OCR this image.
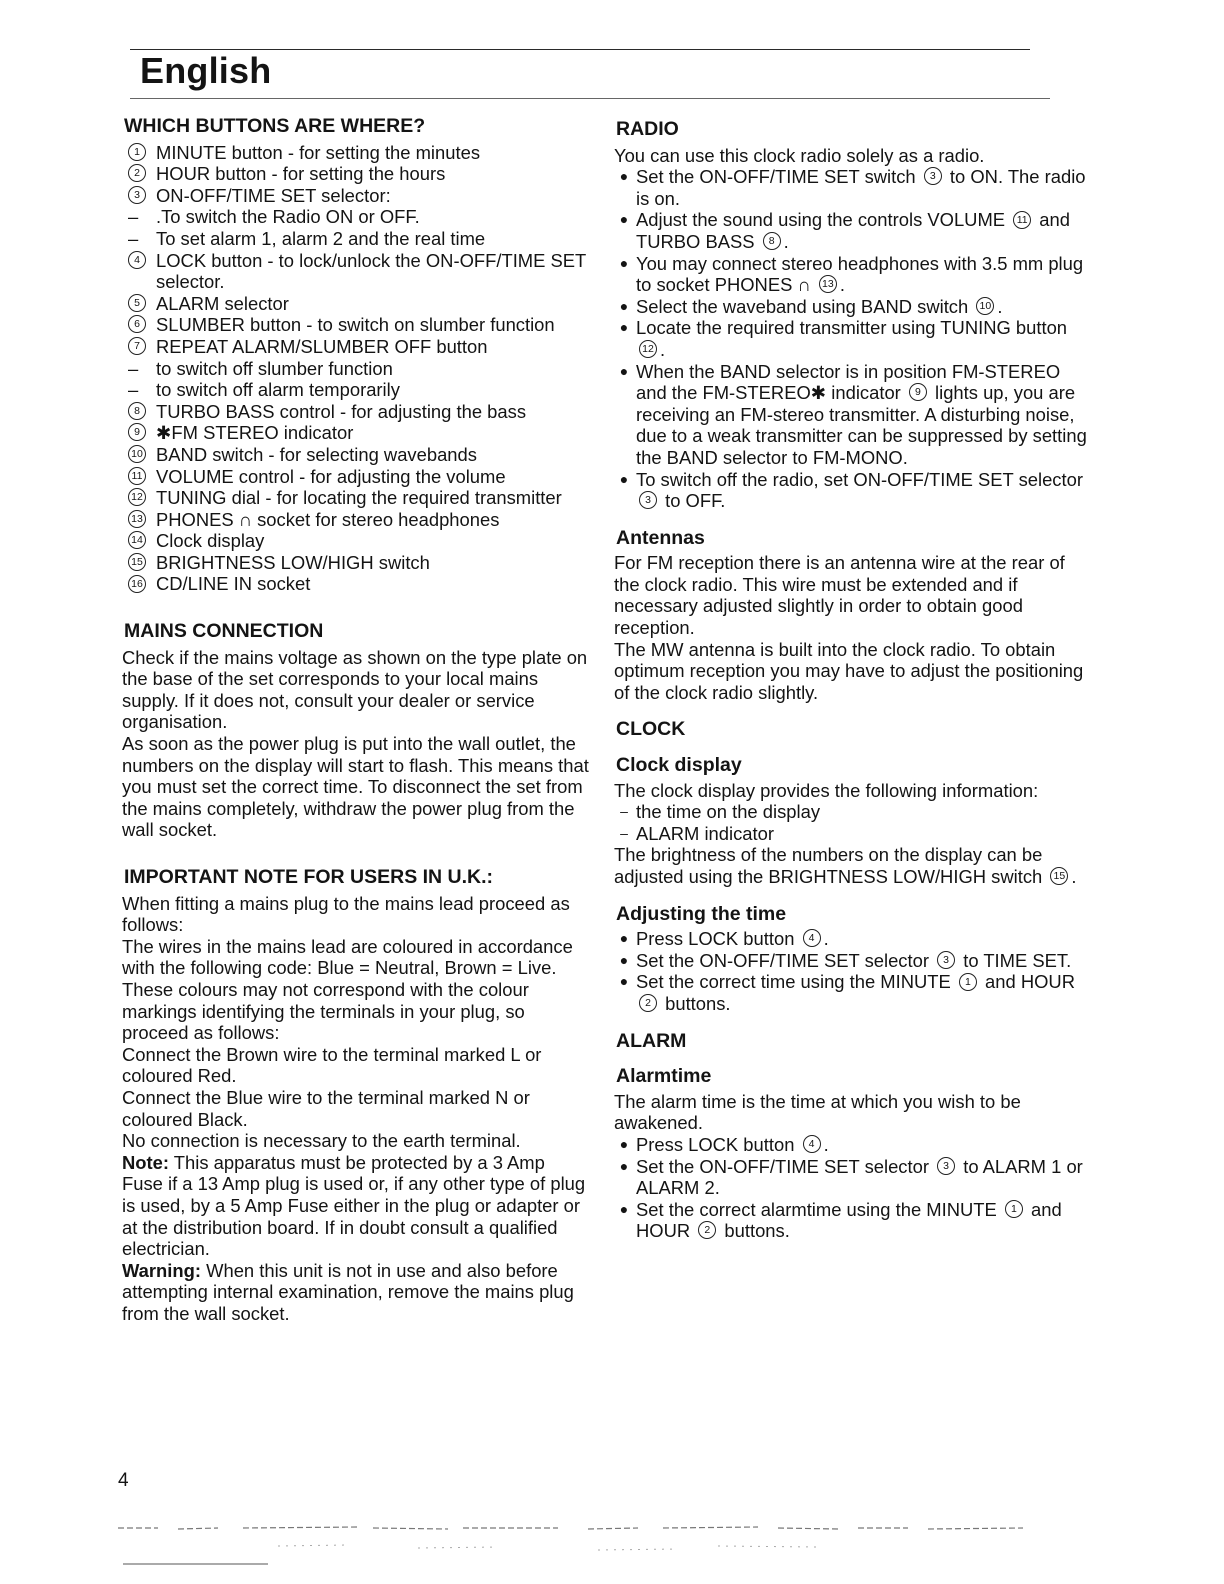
English
WHICH BUTTONS ARE WHERE?
1 MINUTE button - for setting the minutes
2 HOUR button - for setting the hours
3 ON-OFF/TIME SET selector:
– .To switch the Radio ON or OFF.
– To set alarm 1, alarm 2 and the real time
4 LOCK button - to lock/unlock the ON-OFF/TIME SET selector.
5 ALARM selector
6 SLUMBER button - to switch on slumber function
7 REPEAT ALARM/SLUMBER OFF button
– to switch off slumber function
– to switch off alarm temporarily
8 TURBO BASS control - for adjusting the bass
9 ✱FM STEREO indicator
10 BAND switch - for selecting wavebands
11 VOLUME control - for adjusting the volume
12 TUNING dial - for locating the required transmitter
13 PHONES ∩ socket for stereo headphones
14 Clock display
15 BRIGHTNESS LOW/HIGH switch
16 CD/LINE IN socket
MAINS CONNECTION

Check if the mains voltage as shown on the type plate on the base of the set corresponds to your local mains supply. If it does not, consult your dealer or service organisation.

As soon as the power plug is put into the wall outlet, the numbers on the display will start to flash. This means that you must set the correct time. To disconnect the set from the mains completely, withdraw the power plug from the wall socket.

IMPORTANT NOTE FOR USERS IN U.K.:

When fitting a mains plug to the mains lead proceed as follows:

The wires in the mains lead are coloured in accordance with the following code: Blue = Neutral, Brown = Live. These colours may not correspond with the colour markings identifying the terminals in your plug, so proceed as follows:

Connect the Brown wire to the terminal marked L or coloured Red.

Connect the Blue wire to the terminal marked N or coloured Black.

No connection is necessary to the earth terminal.

Note: This apparatus must be protected by a 3 Amp Fuse if a 13 Amp plug is used or, if any other type of plug is used, by a 5 Amp Fuse either in the plug or adapter or at the distribution board. If in doubt consult a qualified electrician.

Warning: When this unit is not in use and also before attempting internal examination, remove the mains plug from the wall socket.

RADIO

You can use this clock radio solely as a radio.

● Set the ON-OFF/TIME SET switch 3 to ON. The radio is on.
● Adjust the sound using the controls VOLUME 11 and TURBO BASS 8 .
● You may connect stereo headphones with 3.5 mm plug to socket PHONES ∩ 13 .
● Select the waveband using BAND switch 10 .
● Locate the required transmitter using TUNING button 12 .
● When the BAND selector is in position FM-STEREO and the FM-STEREO✱ indicator 9 lights up, you are receiving an FM-stereo transmitter. A disturbing noise, due to a weak transmitter can be suppressed by setting the BAND selector to FM-MONO.
● To switch off the radio, set ON-OFF/TIME SET selector 3 to OFF.
Antennas

For FM reception there is an antenna wire at the rear of the clock radio. This wire must be extended and if necessary adjusted slightly in order to obtain good reception.

The MW antenna is built into the clock radio. To obtain optimum reception you may have to adjust the positioning of the clock radio slightly.

CLOCK
Clock display

The clock display provides the following information:

– the time on the display
– ALARM indicator

The brightness of the numbers on the display can be adjusted using the BRIGHTNESS LOW/HIGH switch 15 .

Adjusting the time
● Press LOCK button 4 .
● Set the ON-OFF/TIME SET selector 3 to TIME SET.
● Set the correct time using the MINUTE 1 and HOUR 2 buttons.
ALARM
Alarmtime

The alarm time is the time at which you wish to be awakened.

● Press LOCK button 4 .
● Set the ON-OFF/TIME SET selector 3 to ALARM 1 or ALARM 2.
● Set the correct alarmtime using the MINUTE 1 and HOUR 2 buttons.
4
